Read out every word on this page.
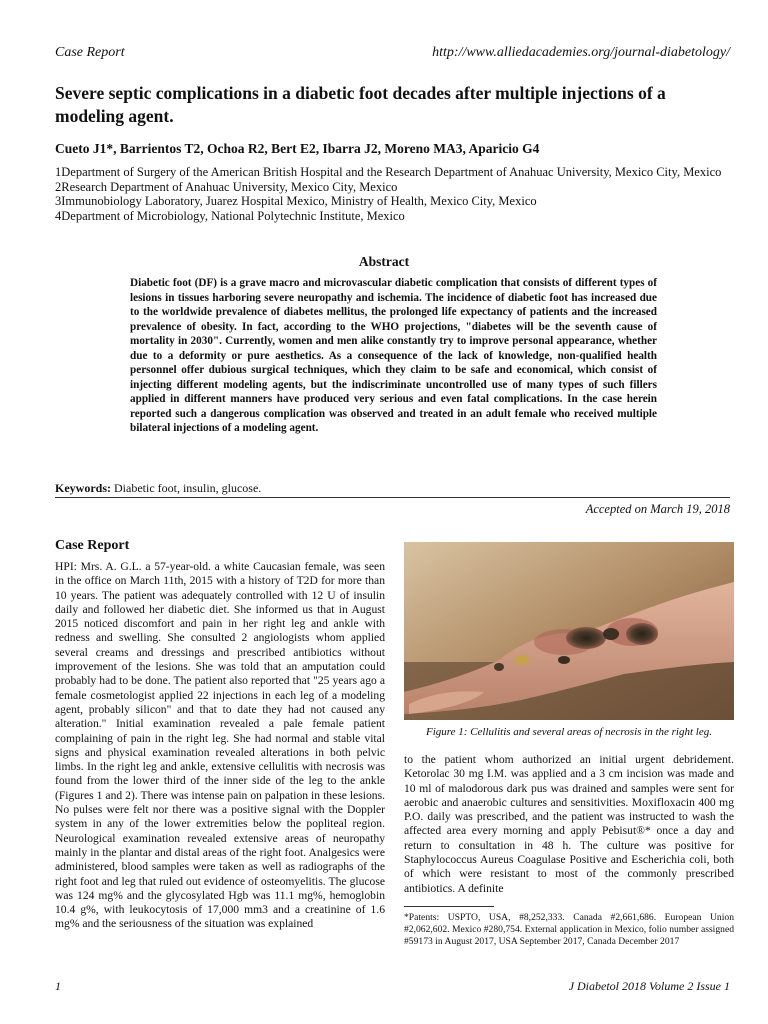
Case Report	http://www.alliedacademies.org/journal-diabetology/
Severe septic complications in a diabetic foot decades after multiple injections of a modeling agent.
Cueto J1*, Barrientos T2, Ochoa R2, Bert E2, Ibarra J2, Moreno MA3, Aparicio G4
1Department of Surgery of the American British Hospital and the Research Department of Anahuac University, Mexico City, Mexico
2Research Department of Anahuac University, Mexico City, Mexico
3Immunobiology Laboratory, Juarez Hospital Mexico, Ministry of Health, Mexico City, Mexico
4Department of Microbiology, National Polytechnic Institute, Mexico
Abstract
Diabetic foot (DF) is a grave macro and microvascular diabetic complication that consists of different types of lesions in tissues harboring severe neuropathy and ischemia. The incidence of diabetic foot has increased due to the worldwide prevalence of diabetes mellitus, the prolonged life expectancy of patients and the increased prevalence of obesity. In fact, according to the WHO projections, "diabetes will be the seventh cause of mortality in 2030". Currently, women and men alike constantly try to improve personal appearance, whether due to a deformity or pure aesthetics. As a consequence of the lack of knowledge, non-qualified health personnel offer dubious surgical techniques, which they claim to be safe and economical, which consist of injecting different modeling agents, but the indiscriminate uncontrolled use of many types of such fillers applied in different manners have produced very serious and even fatal complications. In the case herein reported such a dangerous complication was observed and treated in an adult female who received multiple bilateral injections of a modeling agent.
Keywords: Diabetic foot, insulin, glucose.
Accepted on March 19, 2018
Case Report
HPI: Mrs. A. G.L. a 57-year-old. a white Caucasian female, was seen in the office on March 11th, 2015 with a history of T2D for more than 10 years. The patient was adequately controlled with 12 U of insulin daily and followed her diabetic diet. She informed us that in August 2015 noticed discomfort and pain in her right leg and ankle with redness and swelling. She consulted 2 angiologists whom applied several creams and dressings and prescribed antibiotics without improvement of the lesions. She was told that an amputation could probably had to be done. The patient also reported that "25 years ago a female cosmetologist applied 22 injections in each leg of a modeling agent, probably silicon" and that to date they had not caused any alteration." Initial examination revealed a pale female patient complaining of pain in the right leg. She had normal and stable vital signs and physical examination revealed alterations in both pelvic limbs. In the right leg and ankle, extensive cellulitis with necrosis was found from the lower third of the inner side of the leg to the ankle (Figures 1 and 2). There was intense pain on palpation in these lesions. No pulses were felt nor there was a positive signal with the Doppler system in any of the lower extremities below the popliteal region. Neurological examination revealed extensive areas of neuropathy mainly in the plantar and distal areas of the right foot. Analgesics were administered, blood samples were taken as well as radiographs of the right foot and leg that ruled out evidence of osteomyelitis. The glucose was 124 mg% and the glycosylated Hgb was 11.1 mg%, hemoglobin 10.4 g%, with leukocytosis of 17,000 mm3 and a creatinine of 1.6 mg% and the seriousness of the situation was explained
Figure 1: Cellulitis and several areas of necrosis in the right leg.
to the patient whom authorized an initial urgent debridement. Ketorolac 30 mg I.M. was applied and a 3 cm incision was made and 10 ml of malodorous dark pus was drained and samples were sent for aerobic and anaerobic cultures and sensitivities. Moxifloxacin 400 mg P.O. daily was prescribed, and the patient was instructed to wash the affected area every morning and apply Pebisut®* once a day and return to consultation in 48 h. The culture was positive for Staphylococcus Aureus Coagulase Positive and Escherichia coli, both of which were resistant to most of the commonly prescribed antibiotics. A definite
*Patents: USPTO, USA, #8,252,333. Canada #2,661,686. European Union #2,062,602. Mexico #280,754. External application in Mexico, folio number assigned #59173 in August 2017, USA September 2017, Canada December 2017
1	J Diabetol 2018 Volume 2 Issue 1
